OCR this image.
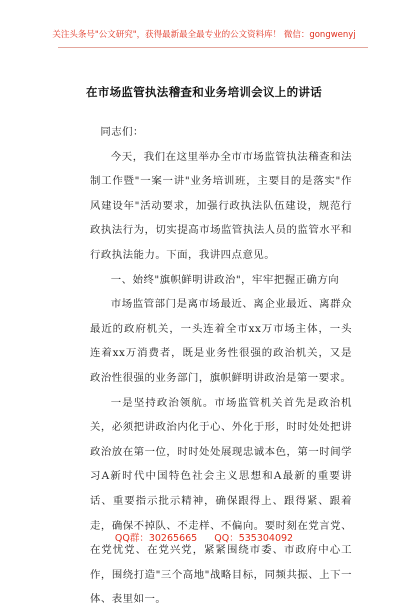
关注头条号"公文研究"，获得最新最全最专业的公文资料库！ 微信：gongwenyj
在市场监管执法稽查和业务培训会议上的讲话

同志们：

今天，我们在这里举办全市市场监管执法稽查和法制工作暨"一案一讲"业务培训班，主要目的是落实"作风建设年"活动要求，加强行政执法队伍建设，规范行政执法行为，切实提高市场监管执法人员的监管水平和行政执法能力。下面，我讲四点意见。

一、始终"旗帜鲜明讲政治"，牢牢把握正确方向

市场监管部门是离市场最近、离企业最近、离群众最近的政府机关，一头连着全市xx万市场主体，一头连着xx万消费者，既是业务性很强的政治机关，又是政治性很强的业务部门，旗帜鲜明讲政治是第一要求。

一是坚持政治领航。市场监管机关首先是政治机关，必须把讲政治内化于心、外化于形，时时处处把讲政治放在第一位，时时处处展现忠诚本色，第一时间学习A新时代中国特色社会主义思想和A最新的重要讲话、重要指示批示精神，确保跟得上、跟得紧、跟着走，确保不掉队、不走样、不偏向。要时刻在党言党、在党忧党、在党兴党，紧紧围绕市委、市政府中心工作，围绕打造"三个高地"战略目标，同频共振、上下一体、表里如一。

QQ群：30265665 QQ：535304092
